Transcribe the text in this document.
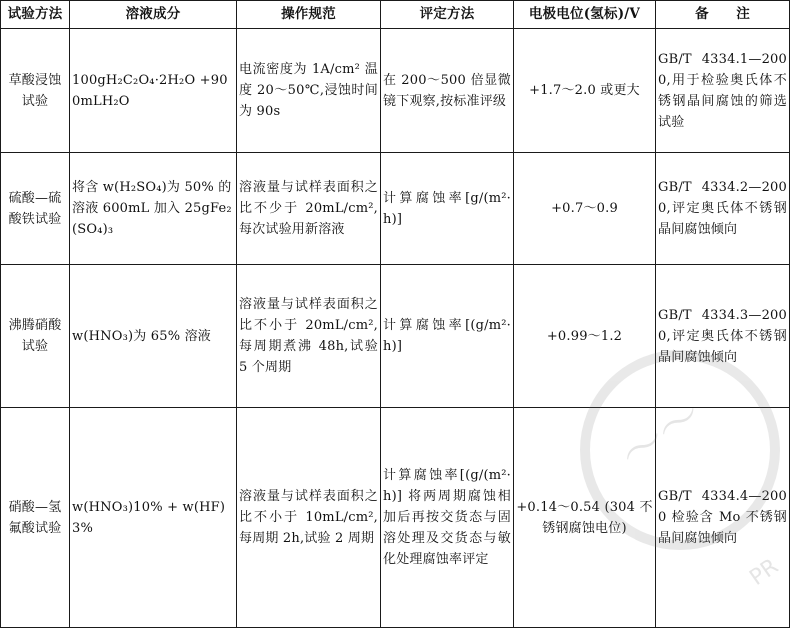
试验方法	溶液成分	操作规范	评定方法	电极电位(氢标)/V	备　　注
草酸浸蚀试验	100gH₂C₂O₄·2H₂O +900mLH₂O	电流密度为 1A/cm² 温度 20～50℃,浸蚀时间为 90s	在 200～500 倍显微镜下观察,按标准评级	+1.7～2.0 或更大	GB/T 4334.1—2000,用于检验奥氏体不锈钢晶间腐蚀的筛选试验
硫酸—硫酸铁试验	将含 w(H₂SO₄)为 50% 的溶液 600mL 加入 25gFe₂(SO₄)₃	溶液量与试样表面积之比不少于 20mL/cm²,每次试验用新溶液	计算腐蚀率[g/(m²·h)]	+0.7～0.9	GB/T 4334.2—2000,评定奥氏体不锈钢晶间腐蚀倾向
沸腾硝酸试验	w(HNO₃)为 65% 溶液	溶液量与试样表面积之比不小于 20mL/cm²,每周期煮沸 48h,试验 5 个周期	计算腐蚀率[(g/m²·h)]	+0.99～1.2	GB/T 4334.3—2000,评定奥氏体不锈钢晶间腐蚀倾向
硝酸—氢氟酸试验	w(HNO₃)10% + w(HF)3%	溶液量与试样表面积之比不小于 10mL/cm²,每周期 2h,试验 2 周期	计算腐蚀率[(g/(m²·h)] 将两周期腐蚀相加后再按交货态与固溶处理及交货态与敏化处理腐蚀率评定	+0.14～0.54 (304 不锈钢腐蚀电位)	GB/T 4334.4—2000 检验含 Mo 不锈钢晶间腐蚀倾向
〜〜
PR
